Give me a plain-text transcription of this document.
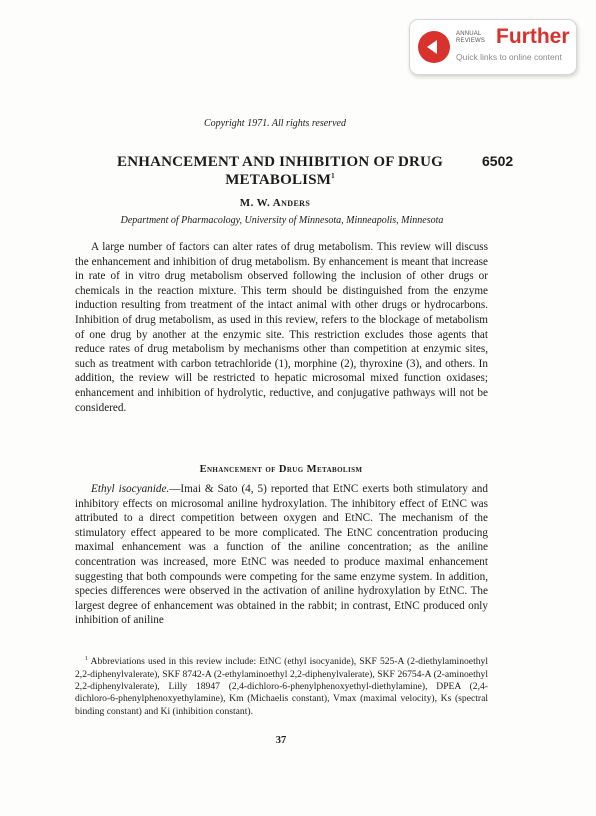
ANNUAL
REVIEWS Further
Quick links to online content
Copyright 1971. All rights reserved
ENHANCEMENT AND INHIBITION OF DRUG METABOLISM$^1$
6502
M. W. Anders
Department of Pharmacology, University of Minnesota, Minneapolis, Minnesota

A large number of factors can alter rates of drug metabolism. This review will discuss the enhancement and inhibition of drug metabolism. By enhancement is meant that increase in rate of in vitro drug metabolism observed following the inclusion of other drugs or chemicals in the reaction mixture. This term should be distinguished from the enzyme induction resulting from treatment of the intact animal with other drugs or hydrocarbons. Inhibition of drug metabolism, as used in this review, refers to the blockage of metabolism of one drug by another at the enzymic site. This restriction excludes those agents that reduce rates of drug metabolism by mechanisms other than competition at enzymic sites, such as treatment with carbon tetrachloride (1), morphine (2), thyroxine (3), and others. In addition, the review will be restricted to hepatic microsomal mixed function oxidases; enhancement and inhibition of hydrolytic, reductive, and conjugative pathways will not be considered.

Enhancement of Drug Metabolism

Ethyl isocyanide.—Imai & Sato (4, 5) reported that EtNC exerts both stimulatory and inhibitory effects on microsomal aniline hydroxylation. The inhibitory effect of EtNC was attributed to a direct competition between oxygen and EtNC. The mechanism of the stimulatory effect appeared to be more complicated. The EtNC concentration producing maximal enhancement was a function of the aniline concentration; as the aniline concentration was increased, more EtNC was needed to produce maximal enhancement suggesting that both compounds were competing for the same enzyme system. In addition, species differences were observed in the activation of aniline hydroxylation by EtNC. The largest degree of enhancement was obtained in the rabbit; in contrast, EtNC produced only inhibition of aniline

$^1$ Abbreviations used in this review include: EtNC (ethyl isocyanide), SKF 525-A (2-diethylaminoethyl 2,2-diphenylvalerate), SKF 8742-A (2-ethylaminoethyl 2,2-diphenylvalerate), SKF 26754-A (2-aminoethyl 2,2-diphenylvalerate), Lilly 18947 (2,4-dichloro-6-phenylphenoxyethyl-diethylamine), DPEA (2,4-dichloro-6-phenylphenoxyethylamine), Km (Michaelis constant), Vmax (maximal velocity), Ks (spectral binding constant) and Ki (inhibition constant).

37
